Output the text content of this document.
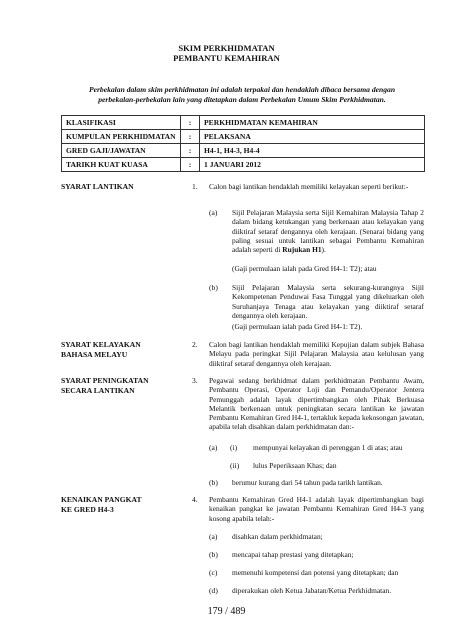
SKIM PERKHIDMATAN
PEMBANTU KEMAHIRAN
Perbekalan dalam skim perkhidmatan ini adalah terpakai dan hendaklah dibaca bersama dengan
perbekalan-perbekalan lain yang ditetapkan dalam Perbekalan Umum Skim Perkhidmatan.
KLASIFIKASI	:	PERKHIDMATAN KEMAHIRAN
KUMPULAN PERKHIDMATAN	:	PELAKSANA
GRED GAJI/JAWATAN	:	H4-1, H4-3, H4-4
TARIKH KUAT KUASA	:	1 JANUARI 2012
SYARAT LANTIKAN	1. Calon bagi lantikan hendaklah memiliki kelayakan seperti berikut:-
(a) Sijil Pelajaran Malaysia serta Sijil Kemahiran Malaysia Tahap 2 dalam bidang ketukangan yang berkenaan atau kelayakan yang diiktiraf setaraf dengannya oleh kerajaan. (Senarai bidang yang paling sesuai untuk lantikan sebagai Pembantu Kemahiran adalah seperti di Rujukan H1).
(Gaji permulaan ialah pada Gred H4-1: T2); atau
(b) Sijil Pelajaran Malaysia serta sekurang-kurangnya Sijil Kekompetenan Penduwai Fasa Tunggal yang dikeluarkan oleh Suruhanjaya Tenaga atau kelayakan yang diiktiraf setaraf dengannya oleh kerajaan.
(Gaji permulaan ialah pada Gred H4-1: T2).
SYARAT KELAYAKAN
BAHASA MELAYU
2. Calon bagi lantikan hendaklah memiliki Kepujian dalam subjek Bahasa Melayu pada peringkat Sijil Pelajaran Malaysia atau kelulusan yang diiktiraf setaraf dengannya oleh kerajaan.
SYARAT PENINGKATAN
SECARA LANTIKAN
3. Pegawai sedang berkhidmat dalam perkhidmatan Pembantu Awam, Pembantu Operasi, Operator Loji dan Pemandu/Operator Jentera Pemunggah adalah layak dipertimbangkan oleh Pihak Berkuasa Melantik berkenaan untuk peningkatan secara lantikan ke jawatan Pembantu Kemahiran Gred H4-1, tertakluk kepada kekosongan jawatan, apabila telah disahkan dalam perkhidmatan dan:-
(a) (i) mempunyai kelayakan di perenggan 1 di atas; atau
(ii) lulus Peperiksaan Khas; dan
(b) berumur kurang dari 54 tahun pada tarikh lantikan.
KENAIKAN PANGKAT
KE GRED H4-3
4. Pembantu Kemahiran Gred H4-1 adalah layak dipertimbangkan bagi kenaikan pangkat ke jawatan Pembantu Kemahiran Gred H4-3 yang kosong apabila telah:-
(a) disahkan dalam perkhidmatan;
(b) mencapai tahap prestasi yang ditetapkan;
(c) memenuhi kompetensi dan potensi yang ditetapkan; dan
(d) diperakukan oleh Ketua Jabatan/Ketua Perkhidmatan.
179 / 489
